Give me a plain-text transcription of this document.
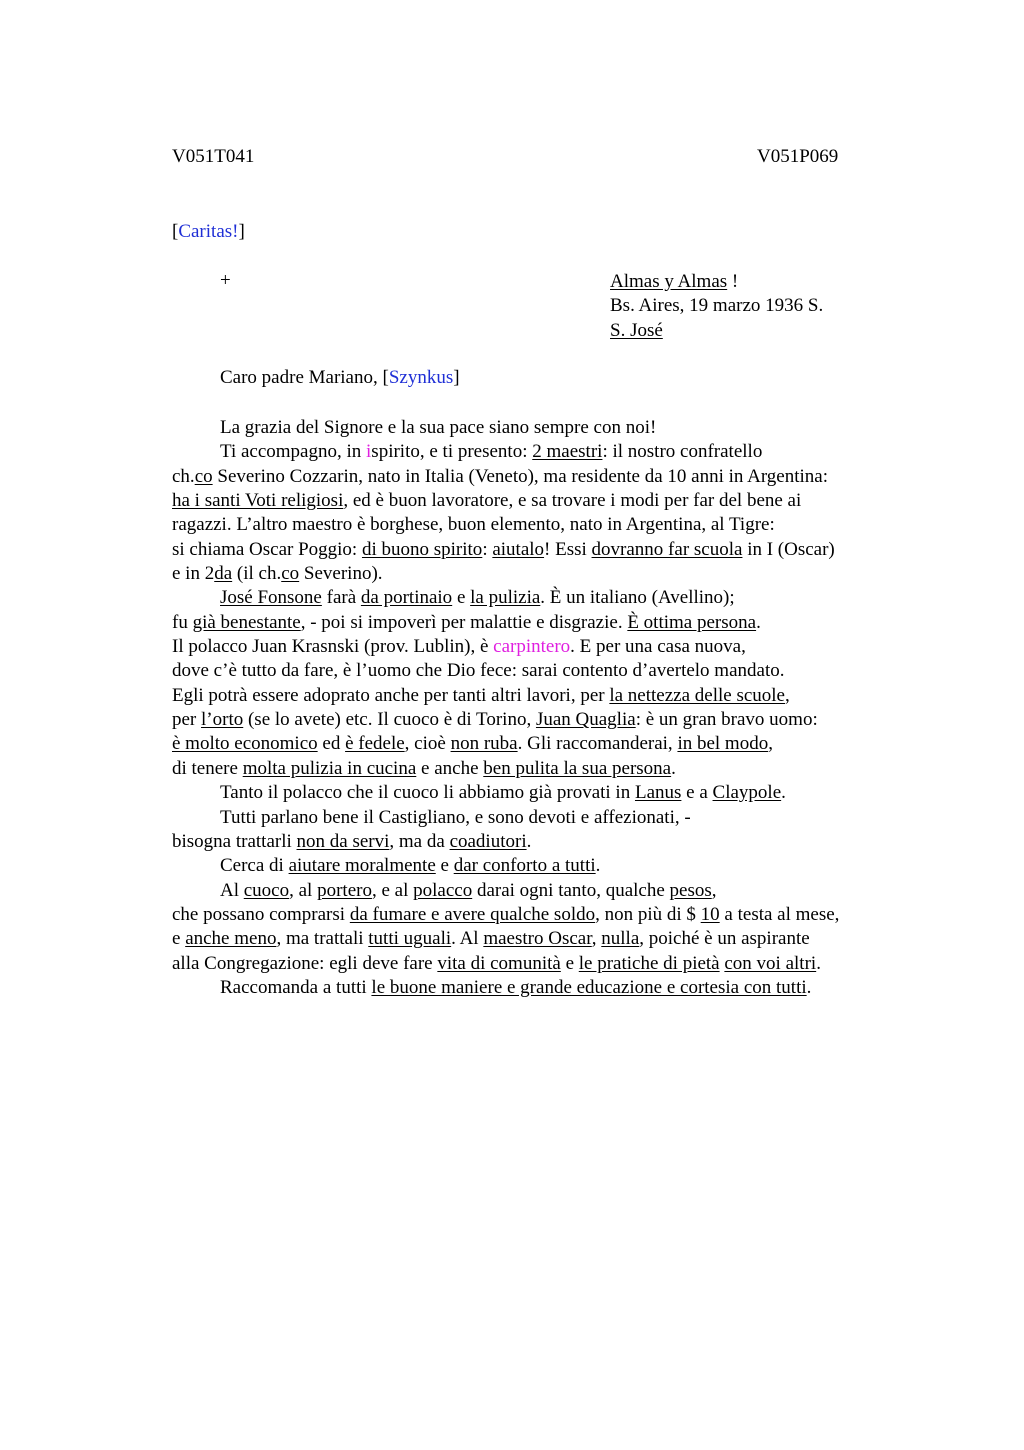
V051T041	V051P069
[Caritas!]
+	Almas y Almas !
Bs. Aires, 19 marzo 1936 S.
S. José
Caro padre Mariano, [Szynkus]
La grazia del Signore e la sua pace siano sempre con noi!
Ti accompagno, in ispirito, e ti presento: 2 maestri: il nostro confratello
ch.co Severino Cozzarin, nato in Italia (Veneto), ma residente da 10 anni in Argentina:
ha i santi Voti religiosi, ed è buon lavoratore, e sa trovare i modi per far del bene ai
ragazzi. L’altro maestro è borghese, buon elemento, nato in Argentina, al Tigre:
si chiama Oscar Poggio: di buono spirito: aiutalo! Essi dovranno far scuola in I (Oscar)
e in 2da (il ch.co Severino).
José Fonsone farà da portinaio e la pulizia. È un italiano (Avellino);
fu già benestante, - poi si impoverì per malattie e disgrazie. È ottima persona.
Il polacco Juan Krasnski (prov. Lublin), è carpintero. E per una casa nuova,
dove c’è tutto da fare, è l’uomo che Dio fece: sarai contento d’avertelo mandato.
Egli potrà essere adoprato anche per tanti altri lavori, per la nettezza delle scuole,
per l’orto (se lo avete) etc. Il cuoco è di Torino, Juan Quaglia: è un gran bravo uomo:
è molto economico ed è fedele, cioè non ruba. Gli raccomanderai, in bel modo,
di tenere molta pulizia in cucina e anche ben pulita la sua persona.
Tanto il polacco che il cuoco li abbiamo già provati in Lanus e a Claypole.
Tutti parlano bene il Castigliano, e sono devoti e affezionati, -
bisogna trattarli non da servi, ma da coadiutori.
Cerca di aiutare moralmente e dar conforto a tutti.
Al cuoco, al portero, e al polacco darai ogni tanto, qualche pesos,
che possano comprarsi da fumare e avere qualche soldo, non più di $ 10 a testa al mese,
e anche meno, ma trattali tutti uguali. Al maestro Oscar, nulla, poiché è un aspirante
alla Congregazione: egli deve fare vita di comunità e le pratiche di pietà con voi altri.
Raccomanda a tutti le buone maniere e grande educazione e cortesia con tutti.
